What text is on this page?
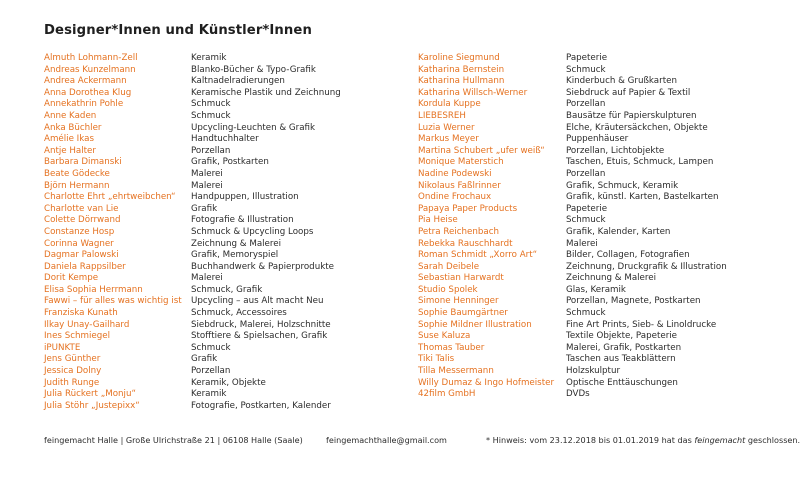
Designer*Innen und Künstler*Innen
Almuth Lohmann-Zell
Andreas Kunzelmann
Andrea Ackermann
Anna Dorothea Klug
Annekathrin Pohle
Anne Kaden
Anka Büchler
Amélie Ikas
Antje Halter
Barbara Dimanski
Beate Gödecke
Björn Hermann
Charlotte Ehrt „ehrtweibchen“
Charlotte van Lie
Colette Dörrwand
Constanze Hosp
Corinna Wagner
Dagmar Palowski
Daniela Rappsilber
Dorit Kempe
Elisa Sophia Herrmann
Fawwi – für alles was wichtig ist
Franziska Kunath
Ilkay Unay-Gailhard
Ines Schmiegel
iPUNKTE
Jens Günther
Jessica Dolny
Judith Runge
Julia Rückert „Monju“
Julia Stöhr „Justepixx“
Keramik
Blanko-Bücher & Typo-Grafik
Kaltnadelradierungen
Keramische Plastik und Zeichnung
Schmuck
Schmuck
Upcycling-Leuchten & Grafik
Handtuchhalter
Porzellan
Grafik, Postkarten
Malerei
Malerei
Handpuppen, Illustration
Grafik
Fotografie & Illustration
Schmuck & Upcycling Loops
Zeichnung & Malerei
Grafik, Memoryspiel
Buchhandwerk & Papierprodukte
Malerei
Schmuck, Grafik
Upcycling – aus Alt macht Neu
Schmuck, Accessoires
Siebdruck, Malerei, Holzschnitte
Stofftiere & Spielsachen, Grafik
Schmuck
Grafik
Porzellan
Keramik, Objekte
Keramik
Fotografie, Postkarten, Kalender
Karoline Siegmund
Katharina Bernstein
Katharina Hullmann
Katharina Willsch-Werner
Kordula Kuppe
LIEBESREH
Luzia Werner
Markus Meyer
Martina Schubert „ufer weiß“
Monique Materstich
Nadine Podewski
Nikolaus Faßlrinner
Ondine Frochaux
Papaya Paper Products
Pia Heise
Petra Reichenbach
Rebekka Rauschhardt
Roman Schmidt „Xorro Art“
Sarah Deibele
Sebastian Harwardt
Studio Spolek
Simone Henninger
Sophie Baumgärtner
Sophie Mildner Illustration
Suse Kaluza
Thomas Tauber
Tiki Talis
Tilla Messermann
Willy Dumaz & Ingo Hofmeister
42film GmbH
Papeterie
Schmuck
Kinderbuch & Grußkarten
Siebdruck auf Papier & Textil
Porzellan
Bausätze für Papierskulpturen
Elche, Kräutersäckchen, Objekte
Puppenhäuser
Porzellan, Lichtobjekte
Taschen, Etuis, Schmuck, Lampen
Porzellan
Grafik, Schmuck, Keramik
Grafik, künstl. Karten, Bastelkarten
Papeterie
Schmuck
Grafik, Kalender, Karten
Malerei
Bilder, Collagen, Fotografien
Zeichnung, Druckgrafik & Illustration
Zeichnung & Malerei
Glas, Keramik
Porzellan, Magnete, Postkarten
Schmuck
Fine Art Prints, Sieb- & Linoldrucke
Textile Objekte, Papeterie
Malerei, Grafik, Postkarten
Taschen aus Teakblättern
Holzskulptur
Optische Enttäuschungen
DVDs
feingemacht Halle | Große Ulrichstraße 21 | 06108 Halle (Saale)	feingemachthalle@gmail.com	* Hinweis: vom 23.12.2018 bis 01.01.2019 hat das feingemacht geschlossen.
